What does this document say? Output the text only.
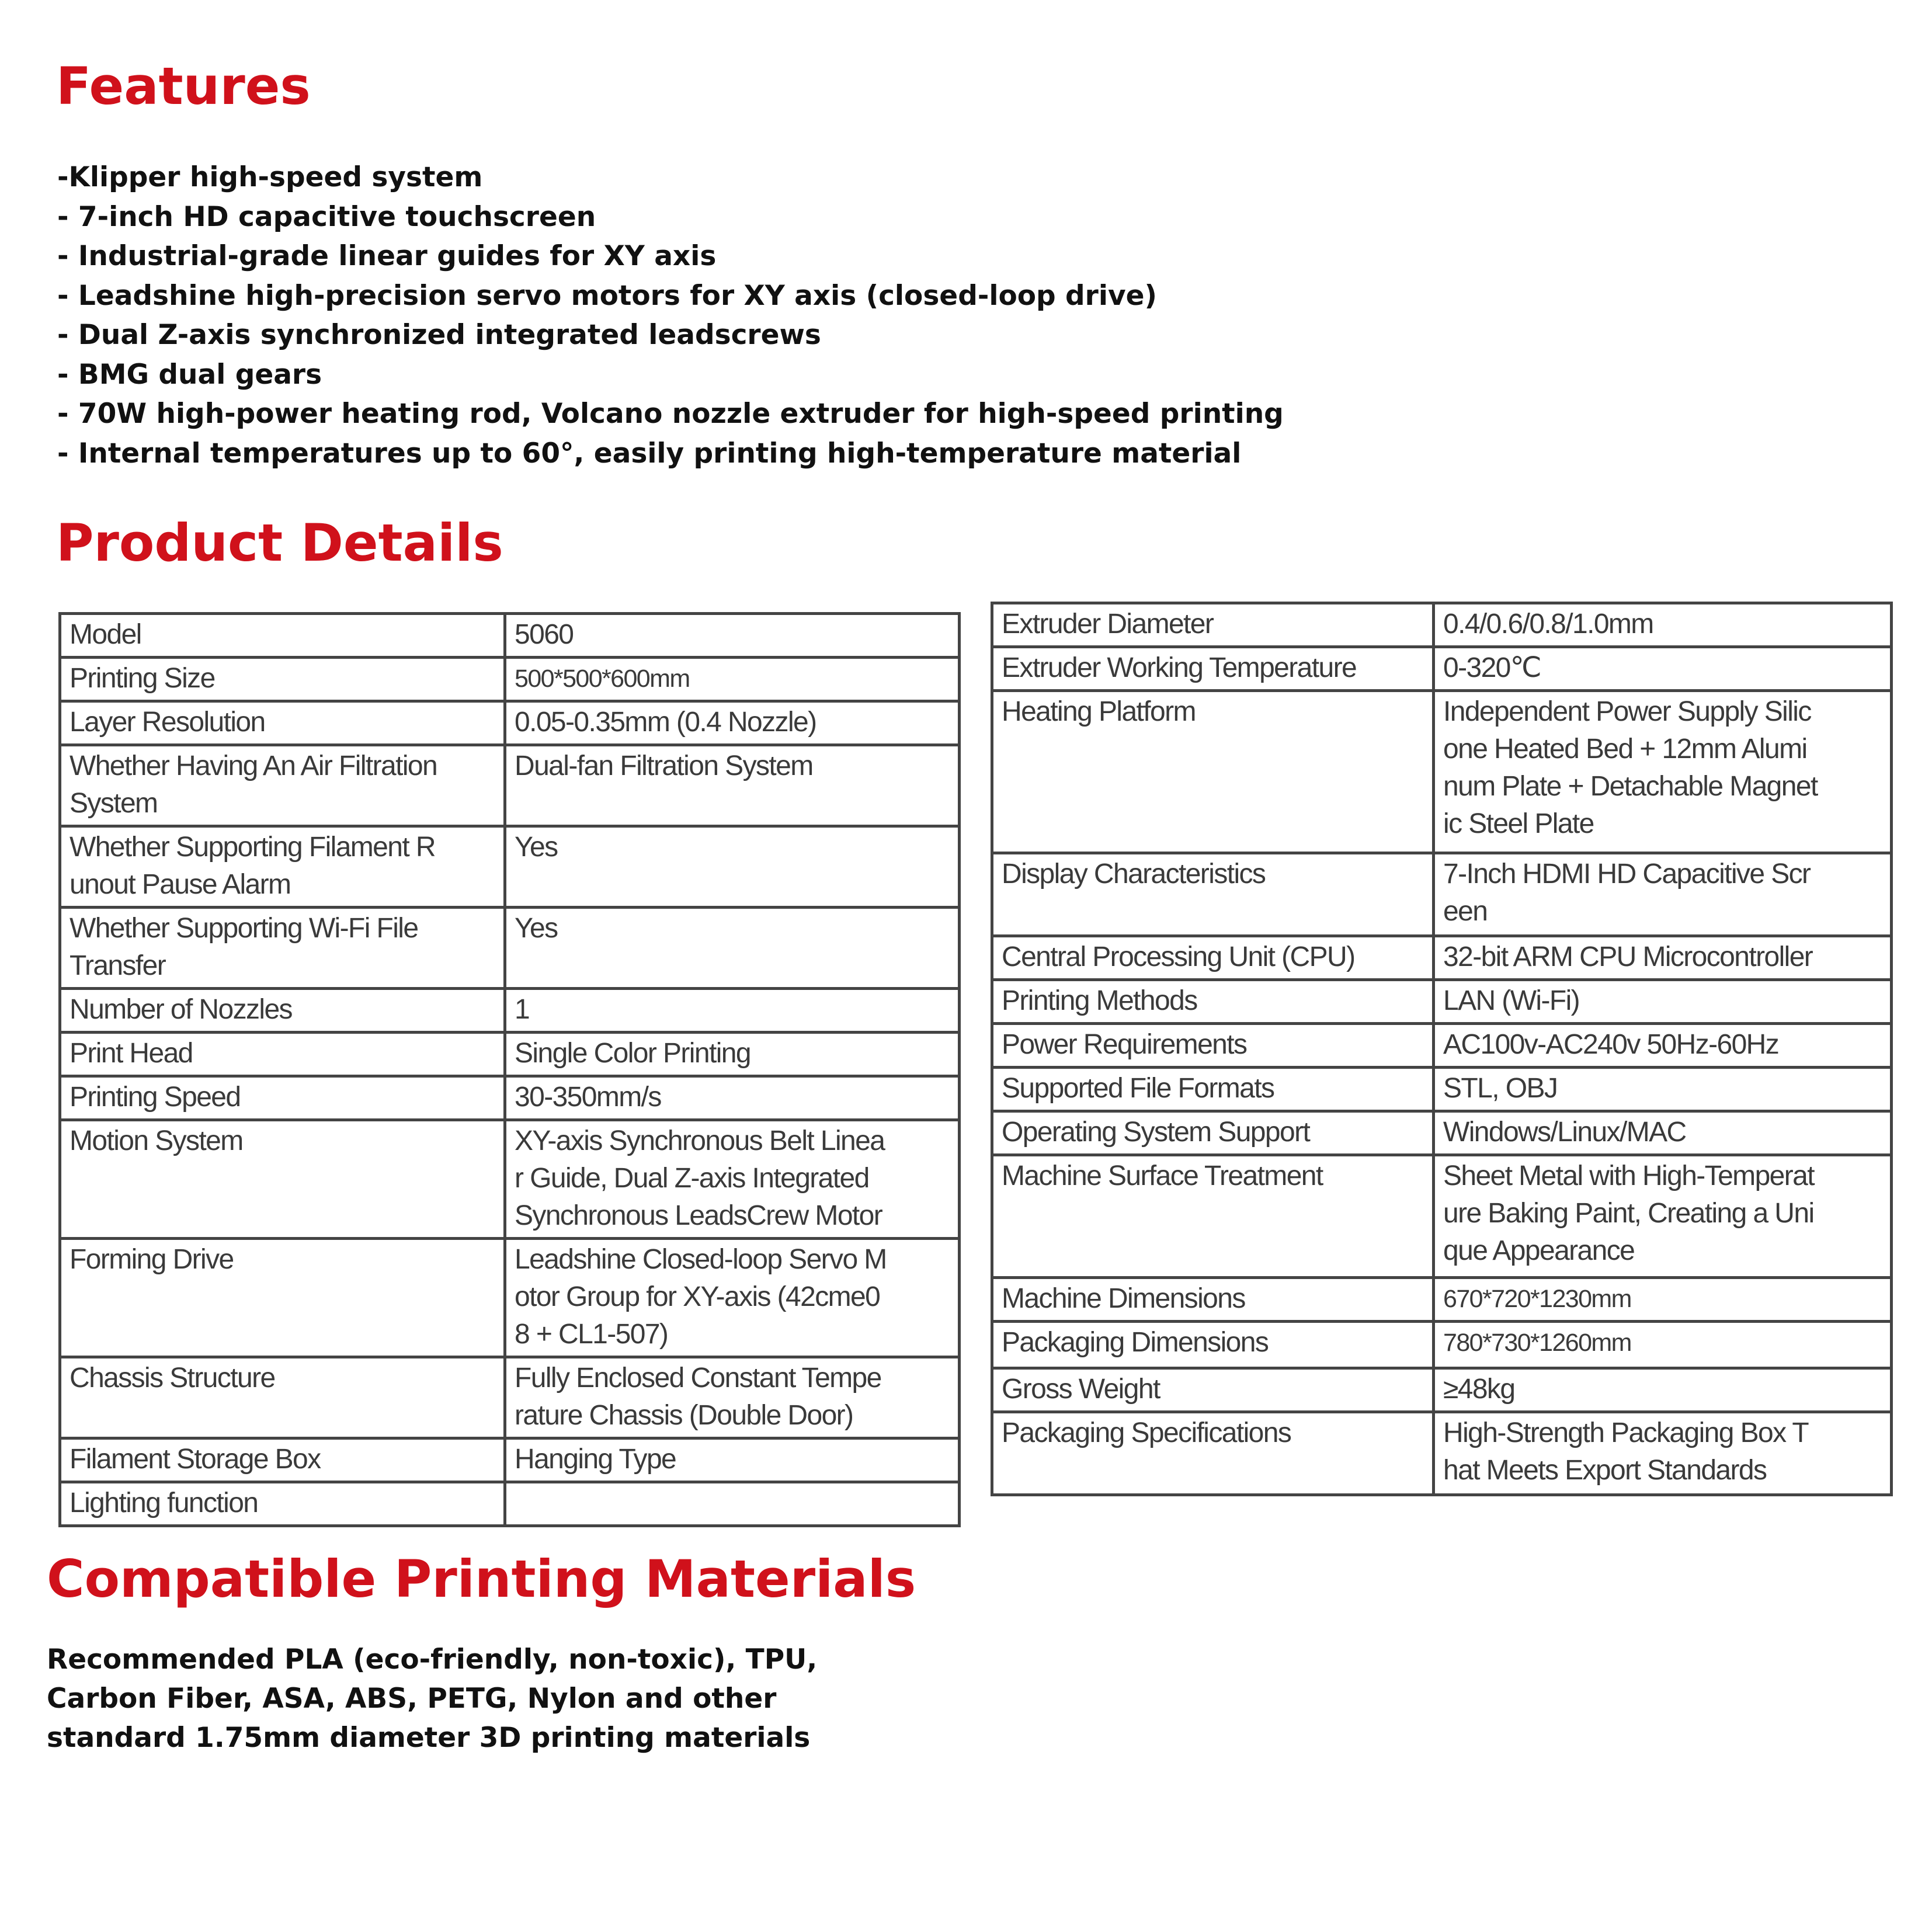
Features
-Klipper high-speed system
- 7-inch HD capacitive touchscreen
- Industrial-grade linear guides for XY axis
- Leadshine high-precision servo motors for XY axis (closed-loop drive)
- Dual Z-axis synchronized integrated leadscrews
- BMG dual gears
- 70W high-power heating rod, Volcano nozzle extruder for high-speed printing
- Internal temperatures up to 60°, easily printing high-temperature material
Product Details
Model	5060

Printing Size	500*500*600mm

Layer Resolution	0.05-0.35mm (0.4 Nozzle)

Whether Having An Air Filtration
System	Dual-fan Filtration System

Whether Supporting Filament R
unout Pause Alarm	Yes

Whether Supporting Wi-Fi File
Transfer	Yes

Number of Nozzles	1

Print Head	Single Color Printing

Printing Speed	30-350mm/s

Motion System	XY-axis Synchronous Belt Linea
r Guide, Dual Z-axis Integrated
Synchronous LeadsCrew Motor

Forming Drive	Leadshine Closed-loop Servo M
otor Group for XY-axis (42cme0
8 + CL1-507)

Chassis Structure	Fully Enclosed Constant Tempe
rature Chassis (Double Door)

Filament Storage Box	Hanging Type

Lighting function	

Extruder Diameter	0.4/0.6/0.8/1.0mm

Extruder Working Temperature	0-320℃

Heating Platform	Independent Power Supply Silic
one Heated Bed + 12mm Alumi
num Plate + Detachable Magnet
ic Steel Plate

Display Characteristics	7-Inch HDMI HD Capacitive Scr
een

Central Processing Unit (CPU)	32-bit ARM CPU Microcontroller

Printing Methods	LAN (Wi-Fi)

Power Requirements	AC100v-AC240v 50Hz-60Hz

Supported File Formats	STL, OBJ

Operating System Support	Windows/Linux/MAC

Machine Surface Treatment	Sheet Metal with High-Temperat
ure Baking Paint, Creating a Uni
que Appearance

Machine Dimensions	670*720*1230mm

Packaging Dimensions	780*730*1260mm

Gross Weight	≥48kg

Packaging Specifications	High-Strength Packaging Box T
hat Meets Export Standards
Compatible Printing Materials
Recommended PLA (eco-friendly, non-toxic), TPU,
Carbon Fiber, ASA, ABS, PETG, Nylon and other
standard 1.75mm diameter 3D printing materials
